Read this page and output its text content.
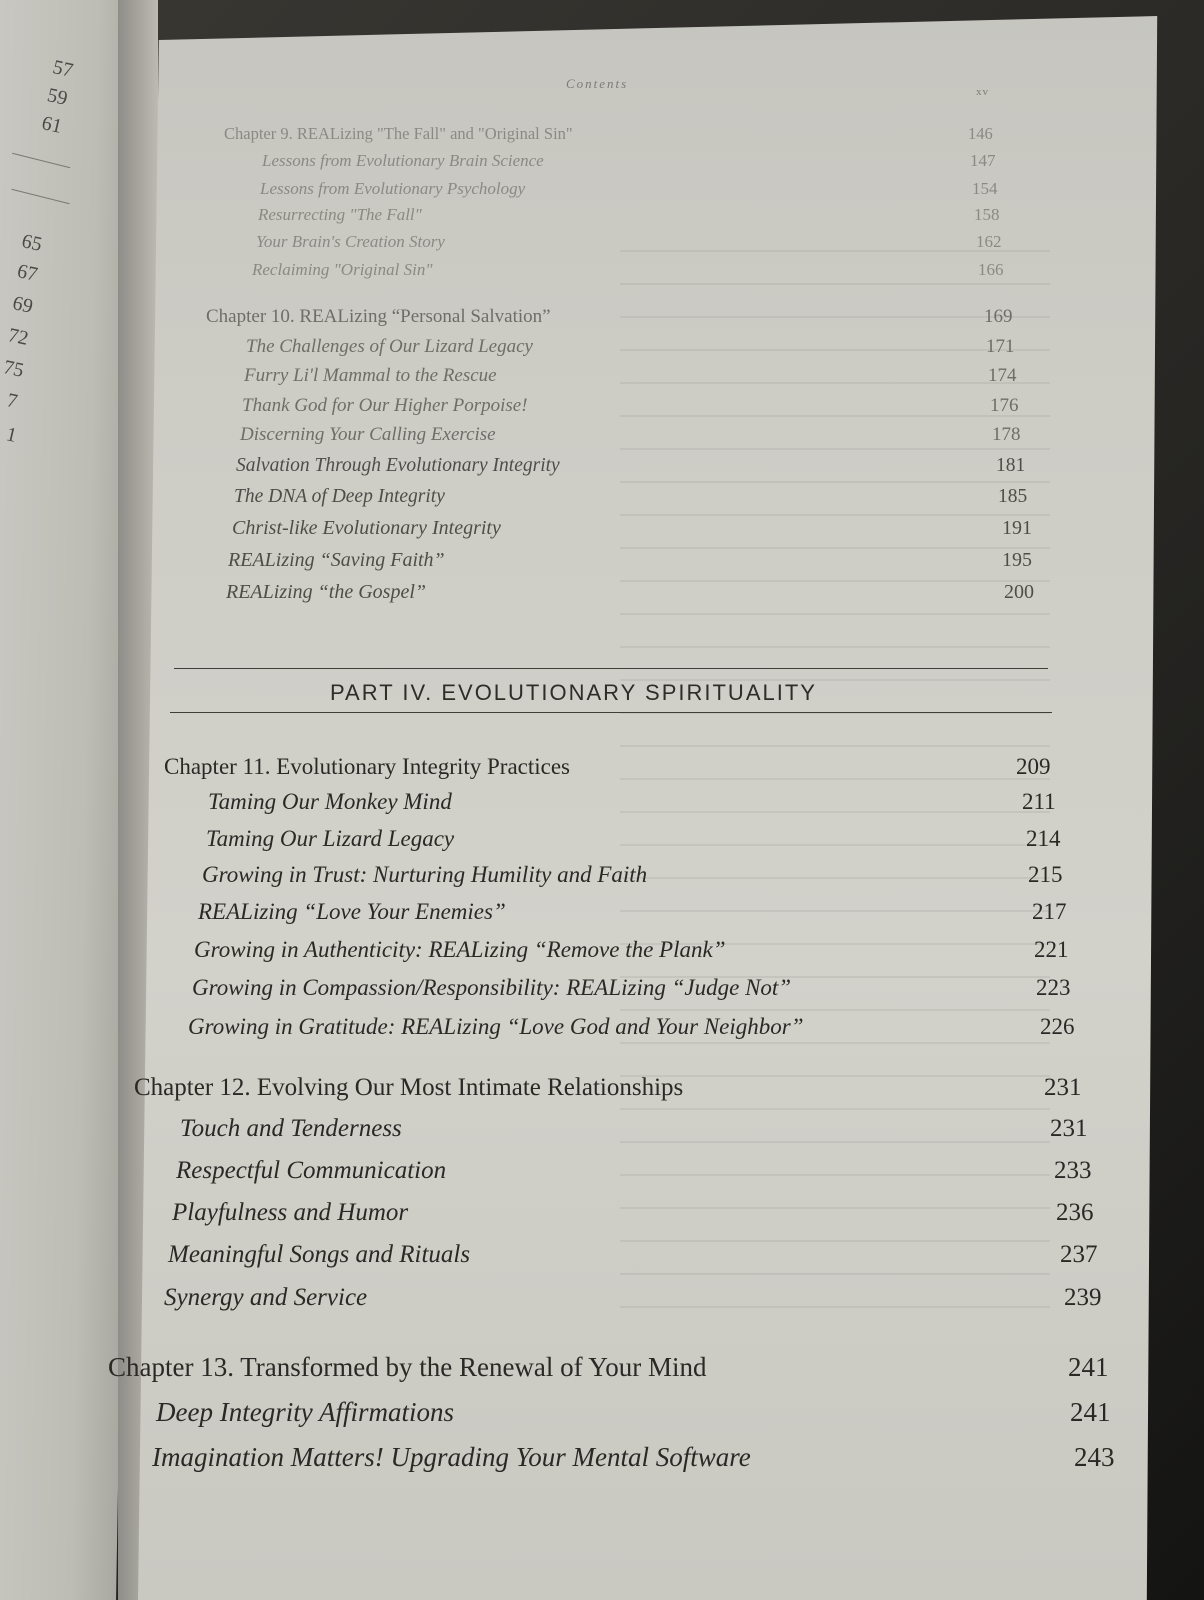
57
59
61
65
67
69
72
75
7
1
Contents
xv
Chapter 9. REALizing "The Fall" and "Original Sin"	146
Lessons from Evolutionary Brain Science	147
Lessons from Evolutionary Psychology	154
Resurrecting "The Fall"	158
Your Brain's Creation Story	162
Reclaiming "Original Sin"	166
Chapter 10. REALizing “Personal Salvation”	169
The Challenges of Our Lizard Legacy	171
Furry Li'l Mammal to the Rescue	174
Thank God for Our Higher Porpoise!	176
Discerning Your Calling Exercise	178
Salvation Through Evolutionary Integrity	181
The DNA of Deep Integrity	185
Christ-like Evolutionary Integrity	191
REALizing “Saving Faith”	195
REALizing “the Gospel”	200
PART IV. EVOLUTIONARY SPIRITUALITY
Chapter 11. Evolutionary Integrity Practices	209
Taming Our Monkey Mind	211
Taming Our Lizard Legacy	214
Growing in Trust: Nurturing Humility and Faith	215
REALizing “Love Your Enemies”	217
Growing in Authenticity: REALizing “Remove the Plank”	221
Growing in Compassion/Responsibility: REALizing “Judge Not”	223
Growing in Gratitude: REALizing “Love God and Your Neighbor”	226
Chapter 12. Evolving Our Most Intimate Relationships	231
Touch and Tenderness	231
Respectful Communication	233
Playfulness and Humor	236
Meaningful Songs and Rituals	237
Synergy and Service	239
Chapter 13. Transformed by the Renewal of Your Mind	241
Deep Integrity Affirmations	241
Imagination Matters! Upgrading Your Mental Software	243
